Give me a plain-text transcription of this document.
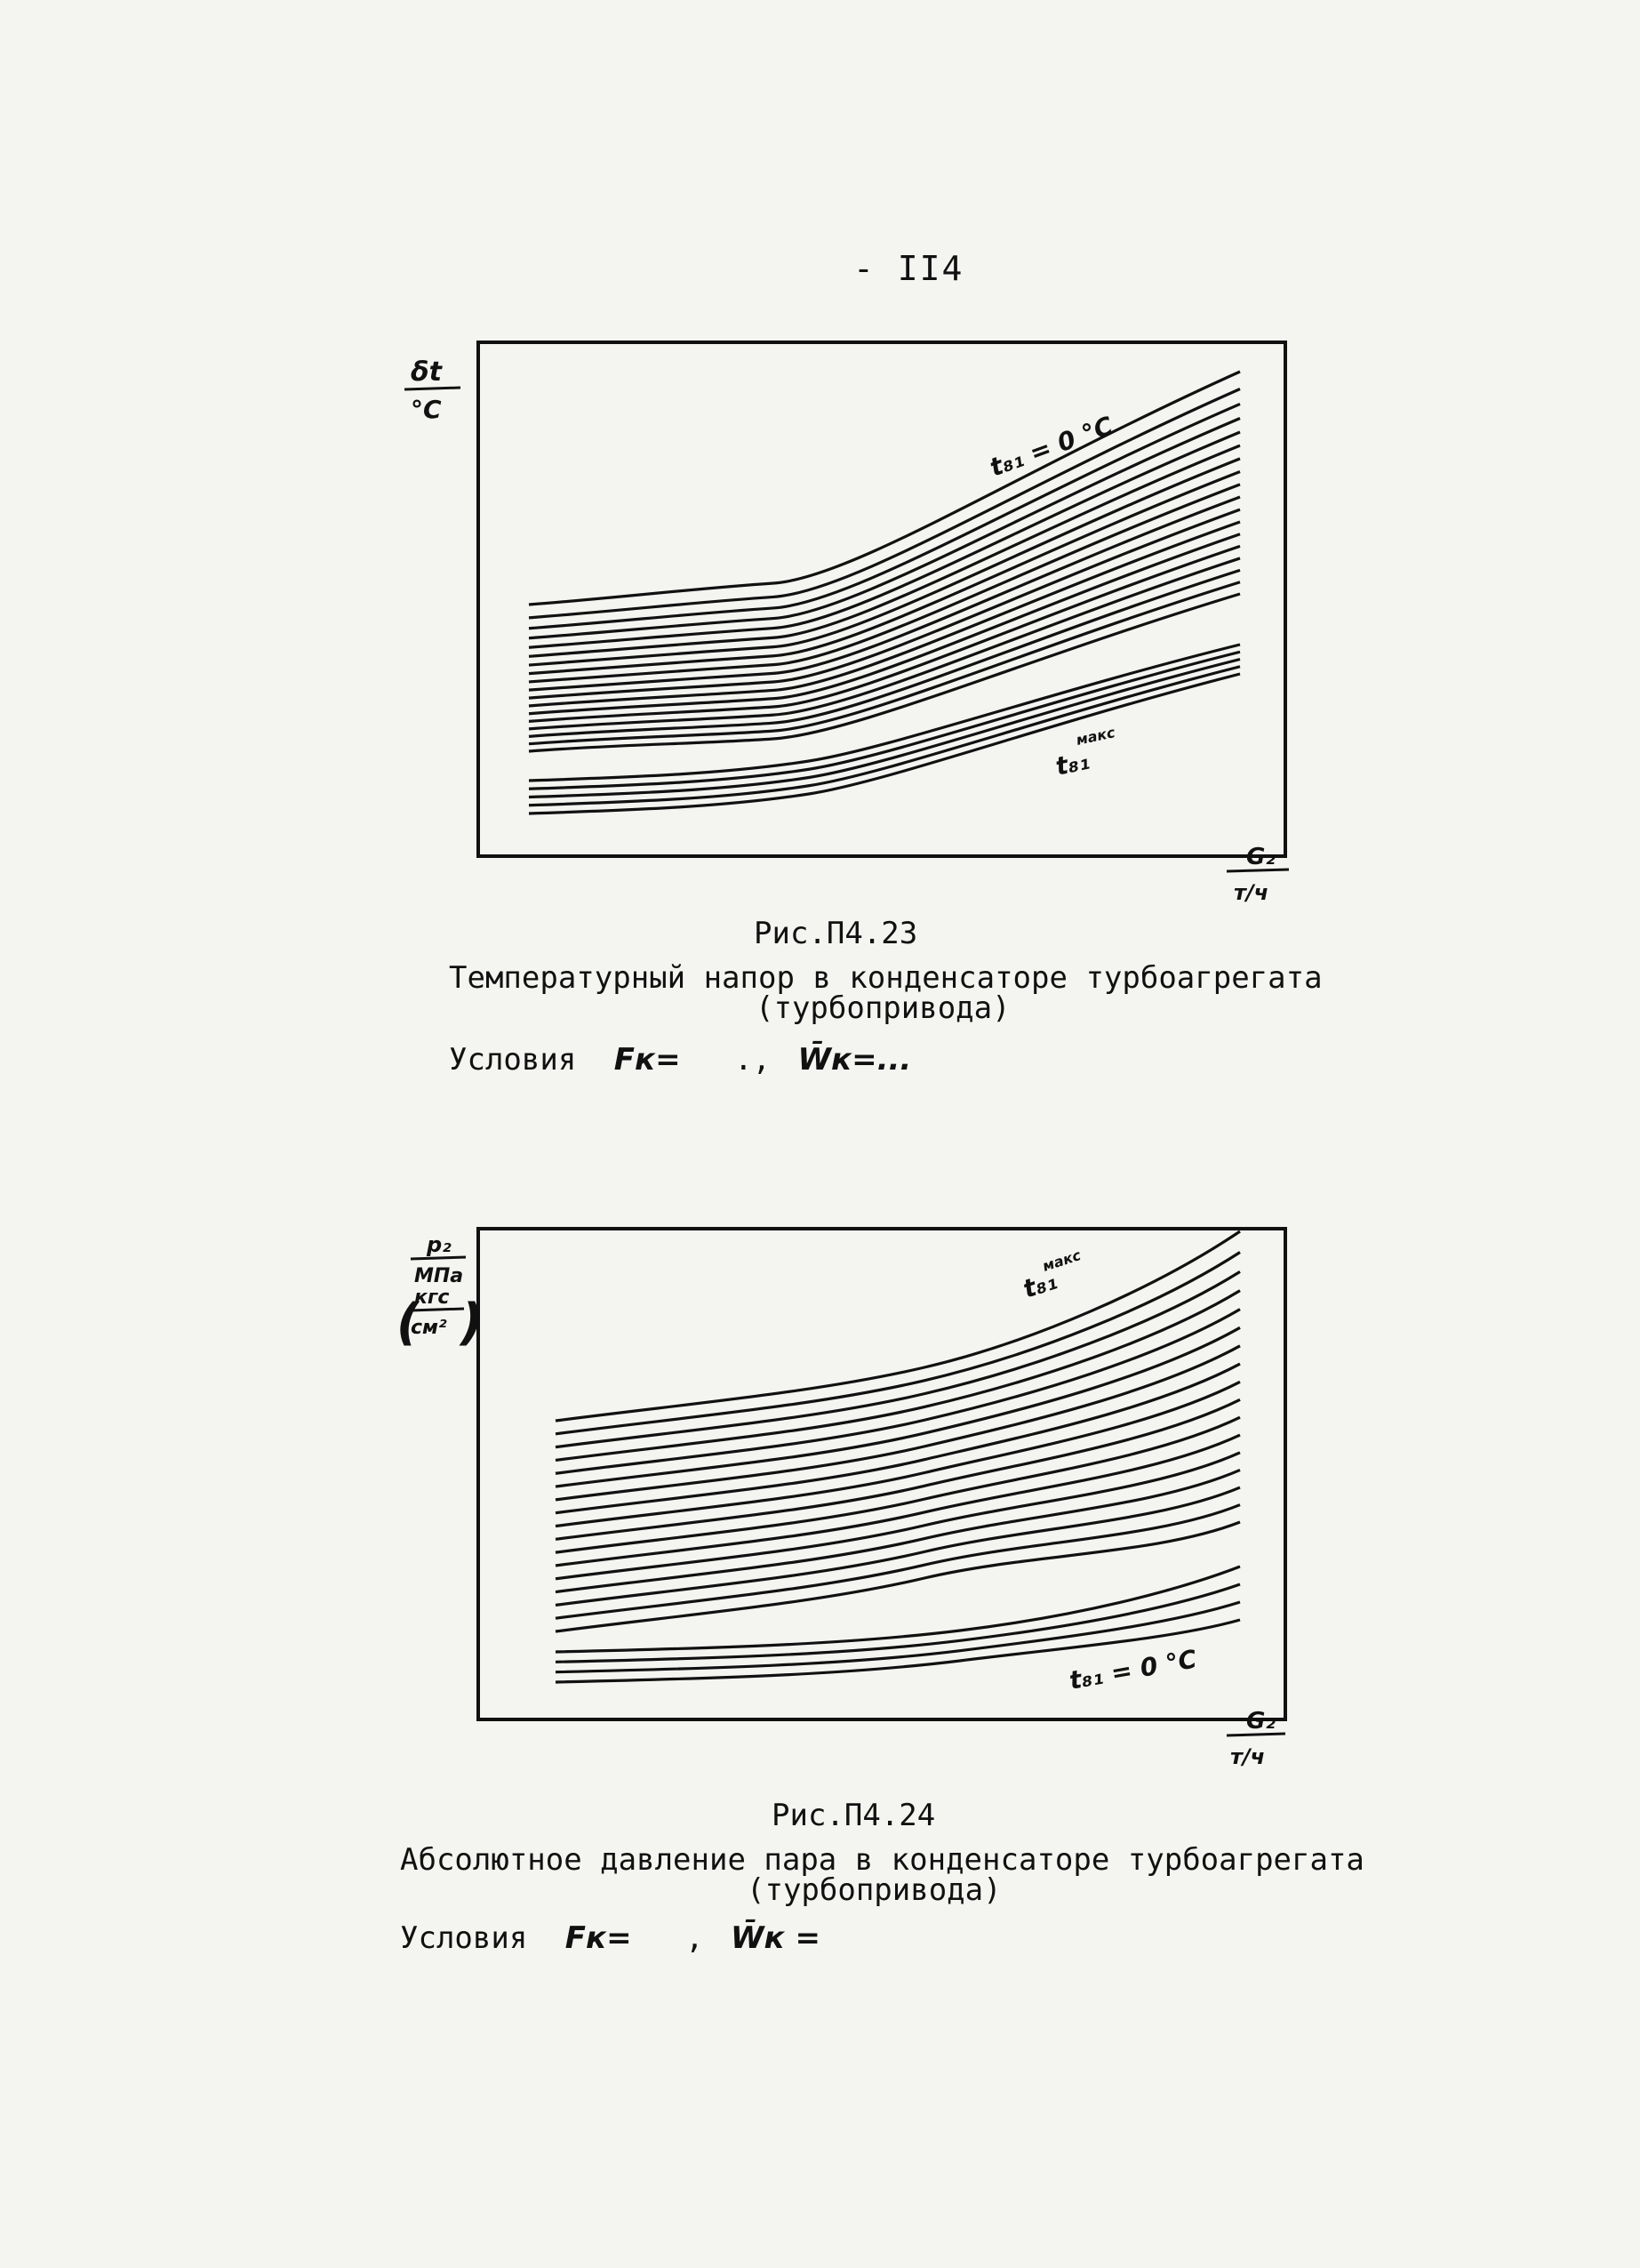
- II4
δt
°C
G₂
т/ч
t₈₁ = 0 °C
t₈₁
макс
p₂
МПа
(
кгс
см² )
G₂
т/ч
t₈₁
макс
t₈₁ = 0 °C
Рис.П4.23
Температурный напор в конденсаторе турбоагрегата
(турбопривода)
Условия Fк= ., W̄к=...
Рис.П4.24
Абсолютное давление пара в конденсаторе турбоагрегата
(турбопривода)
Условия Fк= , W̄к =
